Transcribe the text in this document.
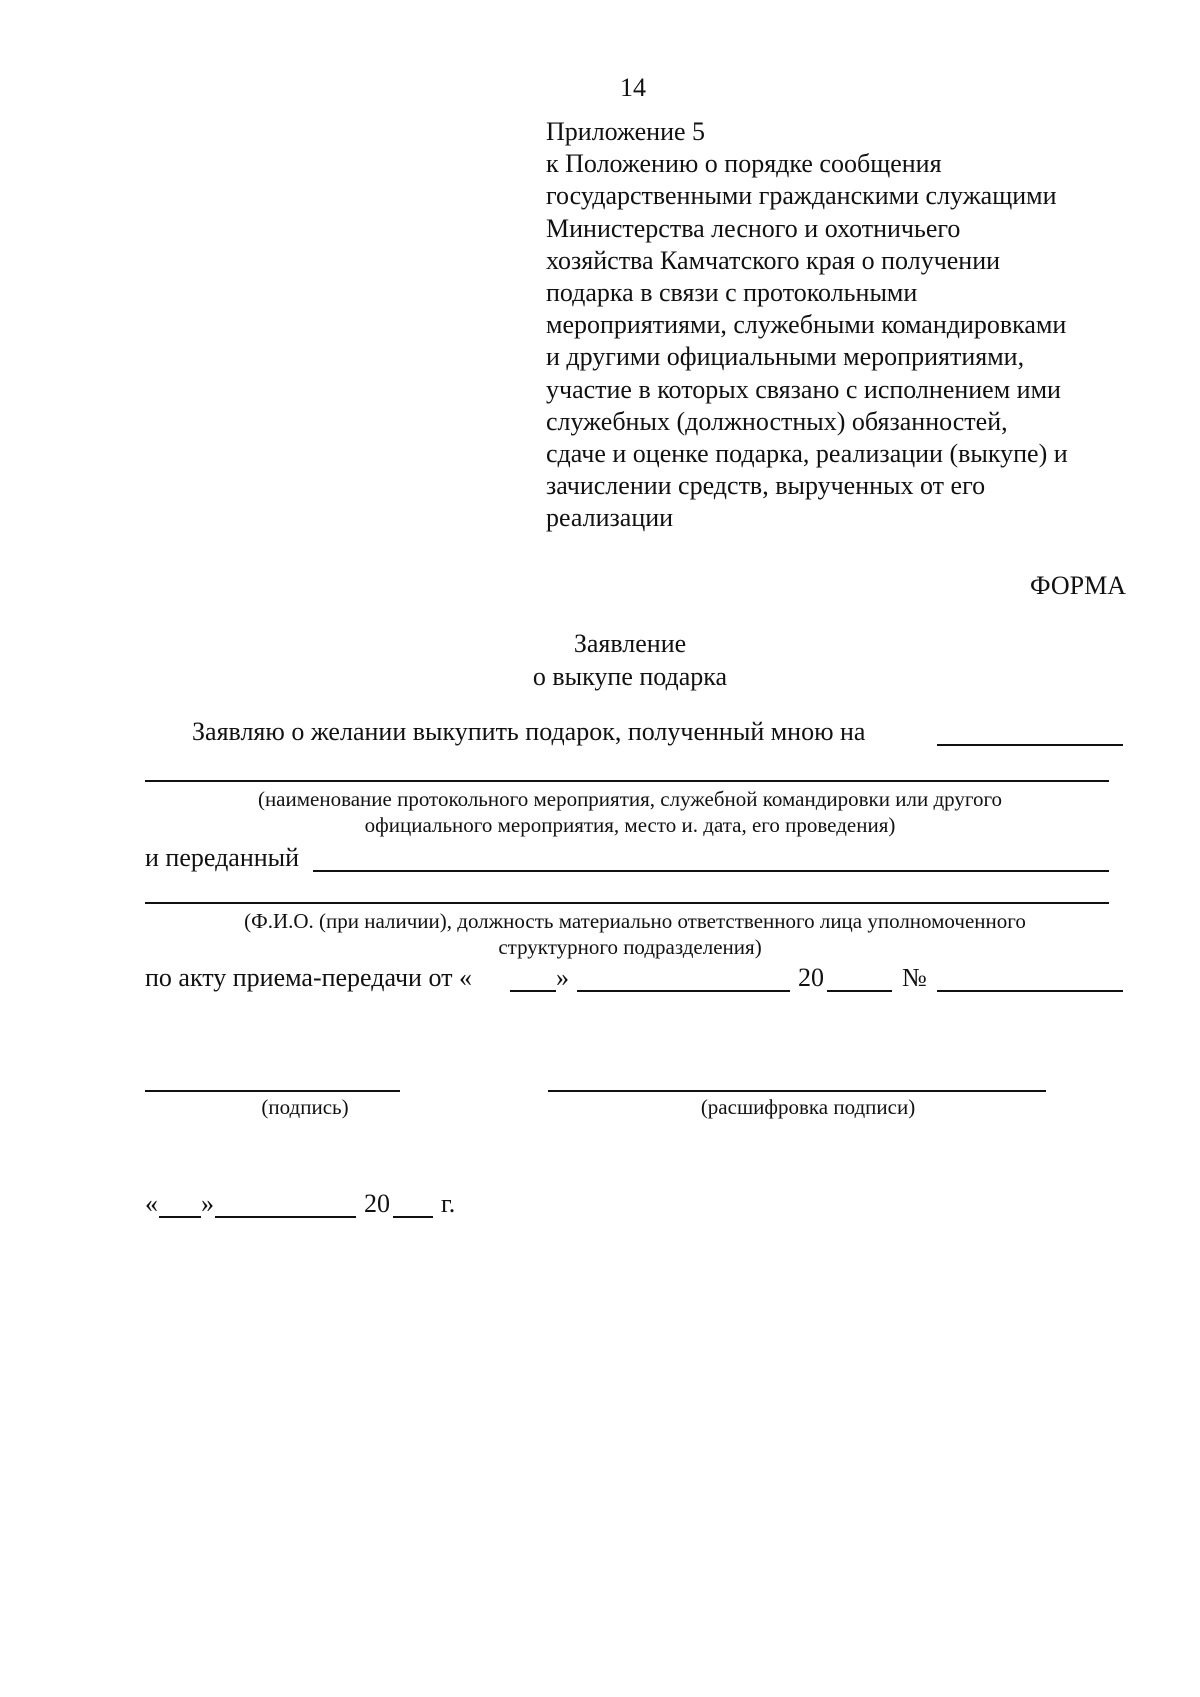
14
Приложение 5
к Положению о порядке сообщения
государственными гражданскими служащими
Министерства лесного и охотничьего
хозяйства Камчатского края о получении
подарка в связи с протокольными
мероприятиями, служебными командировками
и другими официальными мероприятиями,
участие в которых связано с исполнением ими
служебных (должностных) обязанностей,
сдаче и оценке подарка, реализации (выкупе) и
зачислении средств, вырученных от его
реализации
ФОРМА
Заявление
о выкупе подарка
Заявляю о желании выкупить подарок, полученный мною на
(наименование протокольного мероприятия, служебной командировки или другого
официального мероприятия, место и. дата, его проведения)
и переданный
(Ф.И.О. (при наличии), должность материально ответственного лица уполномоченного
структурного подразделения)
по акту приема-передачи от «	»	20	№
(подпись)	(расшифровка подписи)
« »	20 г.
